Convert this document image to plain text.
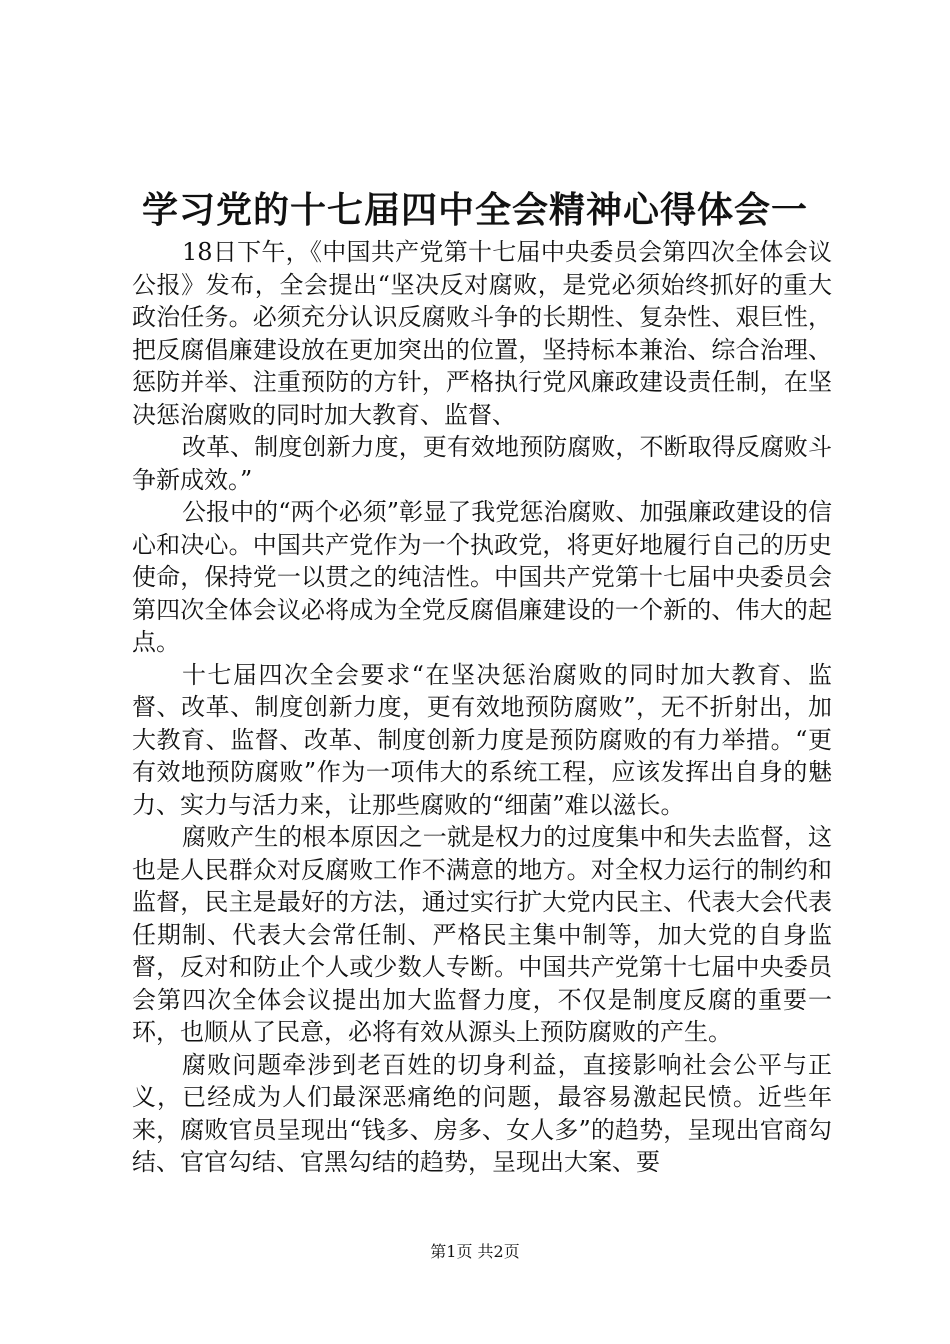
学习党的十七届四中全会精神心得体会一

18日下午，《中国共产党第十七届中央委员会第四次全体会议公报》发布，全会提出“坚决反对腐败，是党必须始终抓好的重大政治任务。必须充分认识反腐败斗争的长期性、复杂性、艰巨性，把反腐倡廉建设放在更加突出的位置，坚持标本兼治、综合治理、惩防并举、注重预防的方针，严格执行党风廉政建设责任制，在坚决惩治腐败的同时加大教育、监督、

改革、制度创新力度，更有效地预防腐败，不断取得反腐败斗争新成效。”

公报中的“两个必须”彰显了我党惩治腐败、加强廉政建设的信心和决心。中国共产党作为一个执政党，将更好地履行自己的历史使命，保持党一以贯之的纯洁性。中国共产党第十七届中央委员会第四次全体会议必将成为全党反腐倡廉建设的一个新的、伟大的起点。

十七届四次全会要求“在坚决惩治腐败的同时加大教育、监督、改革、制度创新力度，更有效地预防腐败”，无不折射出，加大教育、监督、改革、制度创新力度是预防腐败的有力举措。“更有效地预防腐败”作为一项伟大的系统工程，应该发挥出自身的魅力、实力与活力来，让那些腐败的“细菌”难以滋长。

腐败产生的根本原因之一就是权力的过度集中和失去监督，这也是人民群众对反腐败工作不满意的地方。对全权力运行的制约和监督，民主是最好的方法，通过实行扩大党内民主、代表大会代表任期制、代表大会常任制、严格民主集中制等，加大党的自身监督，反对和防止个人或少数人专断。中国共产党第十七届中央委员会第四次全体会议提出加大监督力度，不仅是制度反腐的重要一环，也顺从了民意，必将有效从源头上预防腐败的产生。

腐败问题牵涉到老百姓的切身利益，直接影响社会公平与正义，已经成为人们最深恶痛绝的问题，最容易激起民愤。近些年来，腐败官员呈现出“钱多、房多、女人多”的趋势，呈现出官商勾结、官官勾结、官黑勾结的趋势，呈现出大案、要

第1页 共2页
